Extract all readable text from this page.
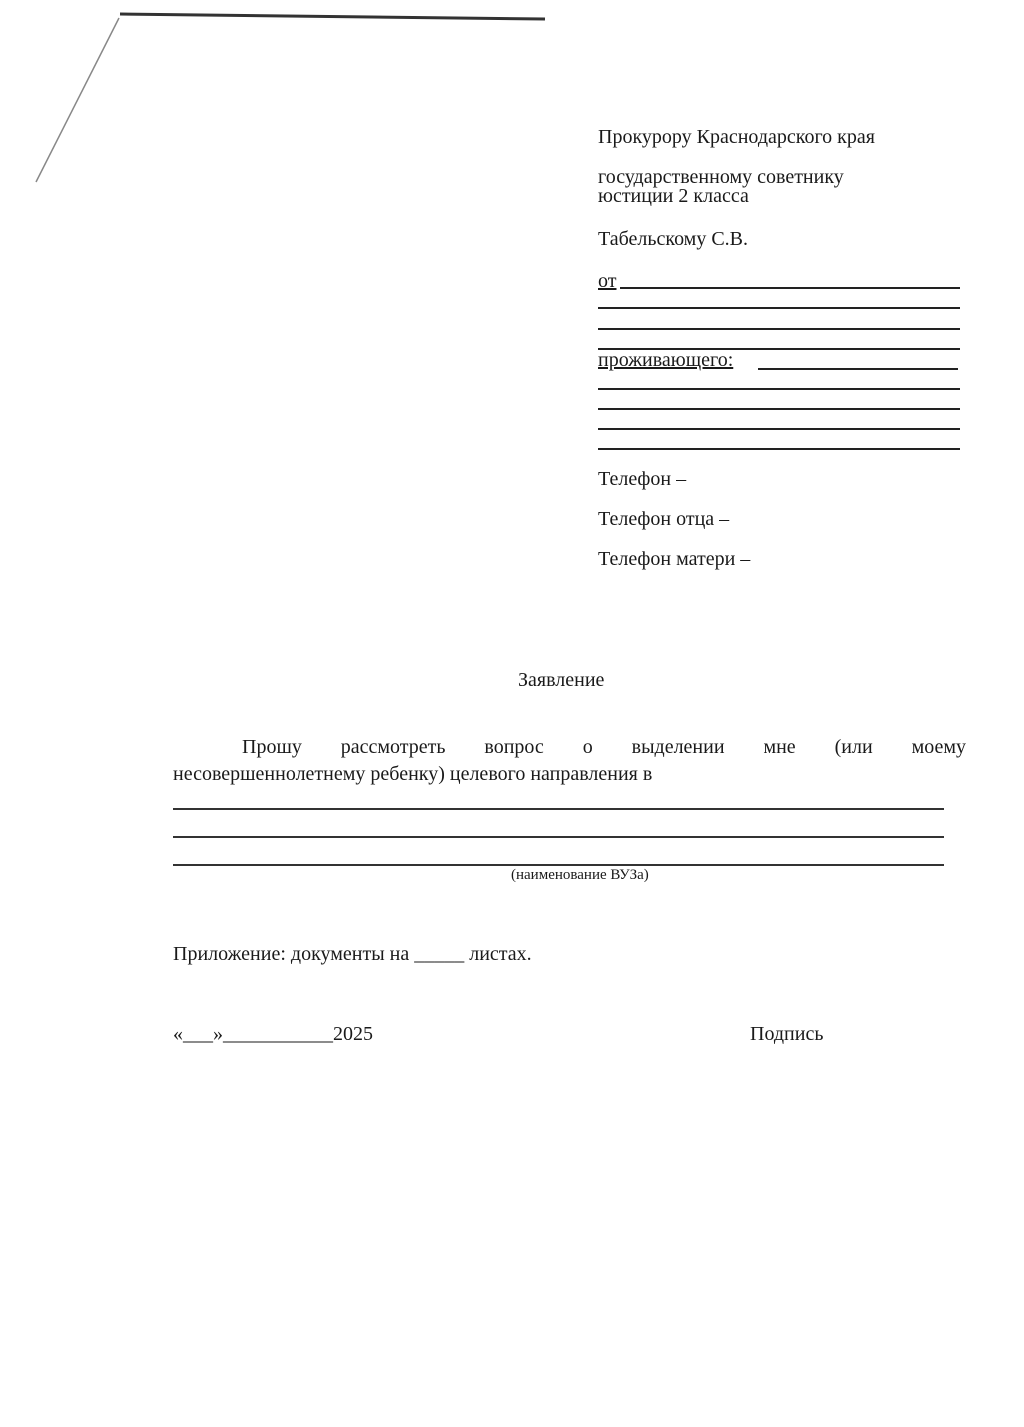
Прокурору Краснодарского края
государственному советнику
юстиции 2 класса
Табельскому С.В.
от
проживающего:
Телефон –
Телефон отца –
Телефон матери –
Заявление
Прошу рассмотреть вопрос о выделении мне (или моему
несовершеннолетнему ребенку) целевого направления в
(наименование ВУЗа)
Приложение: документы на _____ листах.
«___»___________2025	Подпись
